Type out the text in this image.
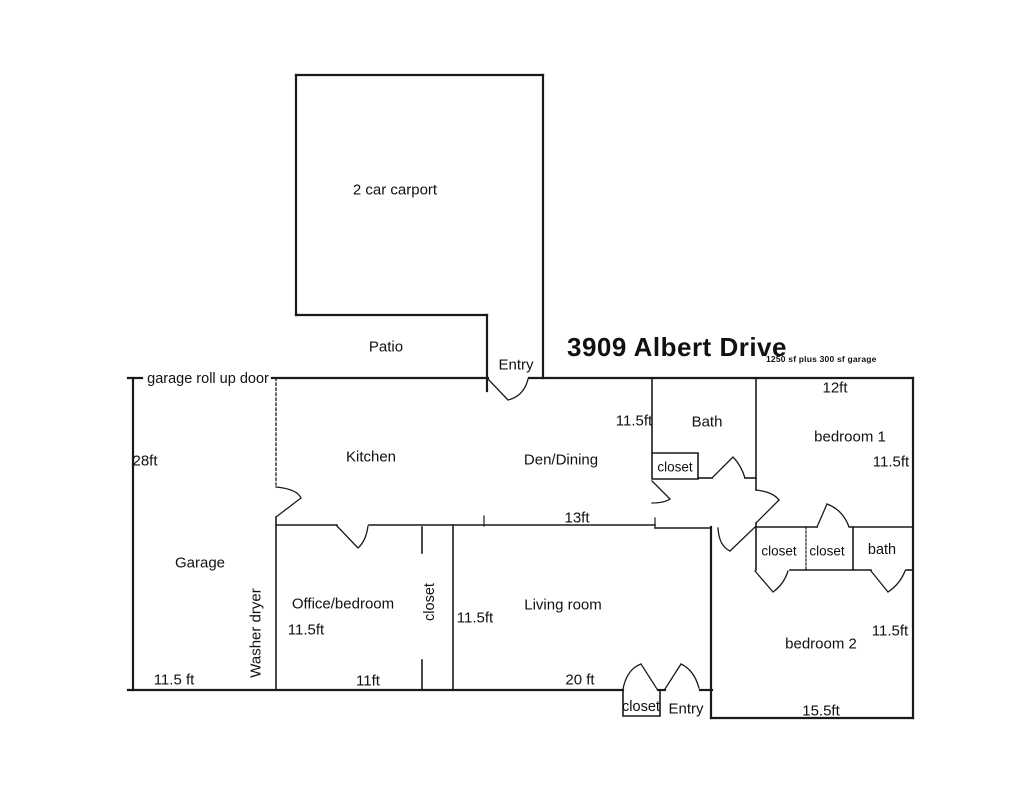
3909 Albert Drive
1250 sf plus 300 sf garage
2 car carport
Patio
Entry
garage roll up door
28ft
Garage
Washer dryer
11.5 ft
Kitchen	Den/Dining
13ft
11.5ft	Bath
closet
12ft
bedroom 1
11.5ft
closet closet bath
Office/bedroom
11.5ft
closet 11.5ft
Living room
11ft	20 ft
closet Entry
bedroom 2
11.5ft
15.5ft
